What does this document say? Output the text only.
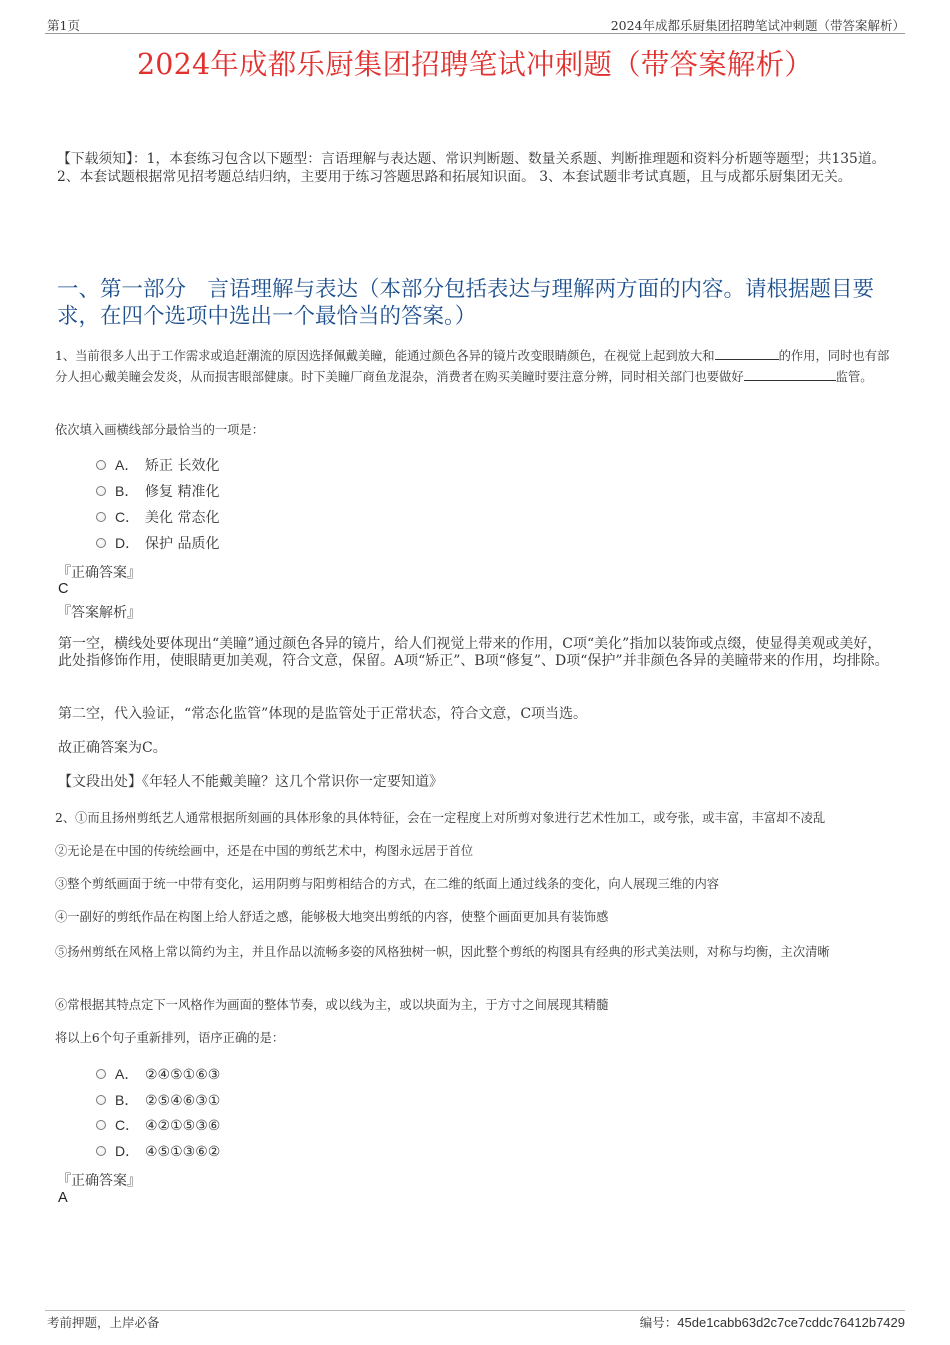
第1页	2024年成都乐厨集团招聘笔试冲刺题（带答案解析）
2024年成都乐厨集团招聘笔试冲刺题（带答案解析）
【下载须知】：1，本套练习包含以下题型：言语理解与表达题、常识判断题、数量关系题、判断推理题和资料分析题等题型；共135道。 2、本套试题根据常见招考题总结归纳，主要用于练习答题思路和拓展知识面。 3、本套试题非考试真题，且与成都乐厨集团无关。
一、第一部分　言语理解与表达（本部分包括表达与理解两方面的内容。请根据题目要求，在四个选项中选出一个最恰当的答案。）
1、当前很多人出于工作需求或追赶潮流的原因选择佩戴美瞳，能通过颜色各异的镜片改变眼睛颜色，在视觉上起到放大和	的作用，同时也有部分人担心戴美瞳会发炎，从而损害眼部健康。时下美瞳厂商鱼龙混杂，消费者在购买美瞳时要注意分辨，同时相关部门也要做好	监管。
依次填入画横线部分最恰当的一项是：
A． 矫正 长效化
B． 修复 精准化
C． 美化 常态化
D． 保护 品质化
『正确答案』
C
『答案解析』
第一空，横线处要体现出“美瞳”通过颜色各异的镜片，给人们视觉上带来的作用，C项“美化”指加以装饰或点缀，使显得美观或美好，此处指修饰作用，使眼睛更加美观，符合文意，保留。A项“矫正”、B项“修复”、D项“保护”并非颜色各异的美瞳带来的作用，均排除。
第二空，代入验证，“常态化监管”体现的是监管处于正常状态，符合文意，C项当选。
故正确答案为C。
【文段出处】《年轻人不能戴美瞳？这几个常识你一定要知道》
2、①而且扬州剪纸艺人通常根据所刻画的具体形象的具体特征，会在一定程度上对所剪对象进行艺术性加工，或夸张，或丰富，丰富却不凌乱
②无论是在中国的传统绘画中，还是在中国的剪纸艺术中，构图永远居于首位
③整个剪纸画面于统一中带有变化，运用阴剪与阳剪相结合的方式，在二维的纸面上通过线条的变化，向人展现三维的内容
④一副好的剪纸作品在构图上给人舒适之感，能够极大地突出剪纸的内容，使整个画面更加具有装饰感
⑤扬州剪纸在风格上常以简约为主，并且作品以流畅多姿的风格独树一帜，因此整个剪纸的构图具有经典的形式美法则，对称与均衡，主次清晰
⑥常根据其特点定下一风格作为画面的整体节奏，或以线为主，或以块面为主，于方寸之间展现其精髓
将以上6个句子重新排列，语序正确的是：
A． ②④⑤①⑥③
B． ②⑤④⑥③①
C． ④②①⑤③⑥
D． ④⑤①③⑥②
『正确答案』
A
考前押题，上岸必备	编号：45de1cabb63d2c7ce7cddc76412b7429
